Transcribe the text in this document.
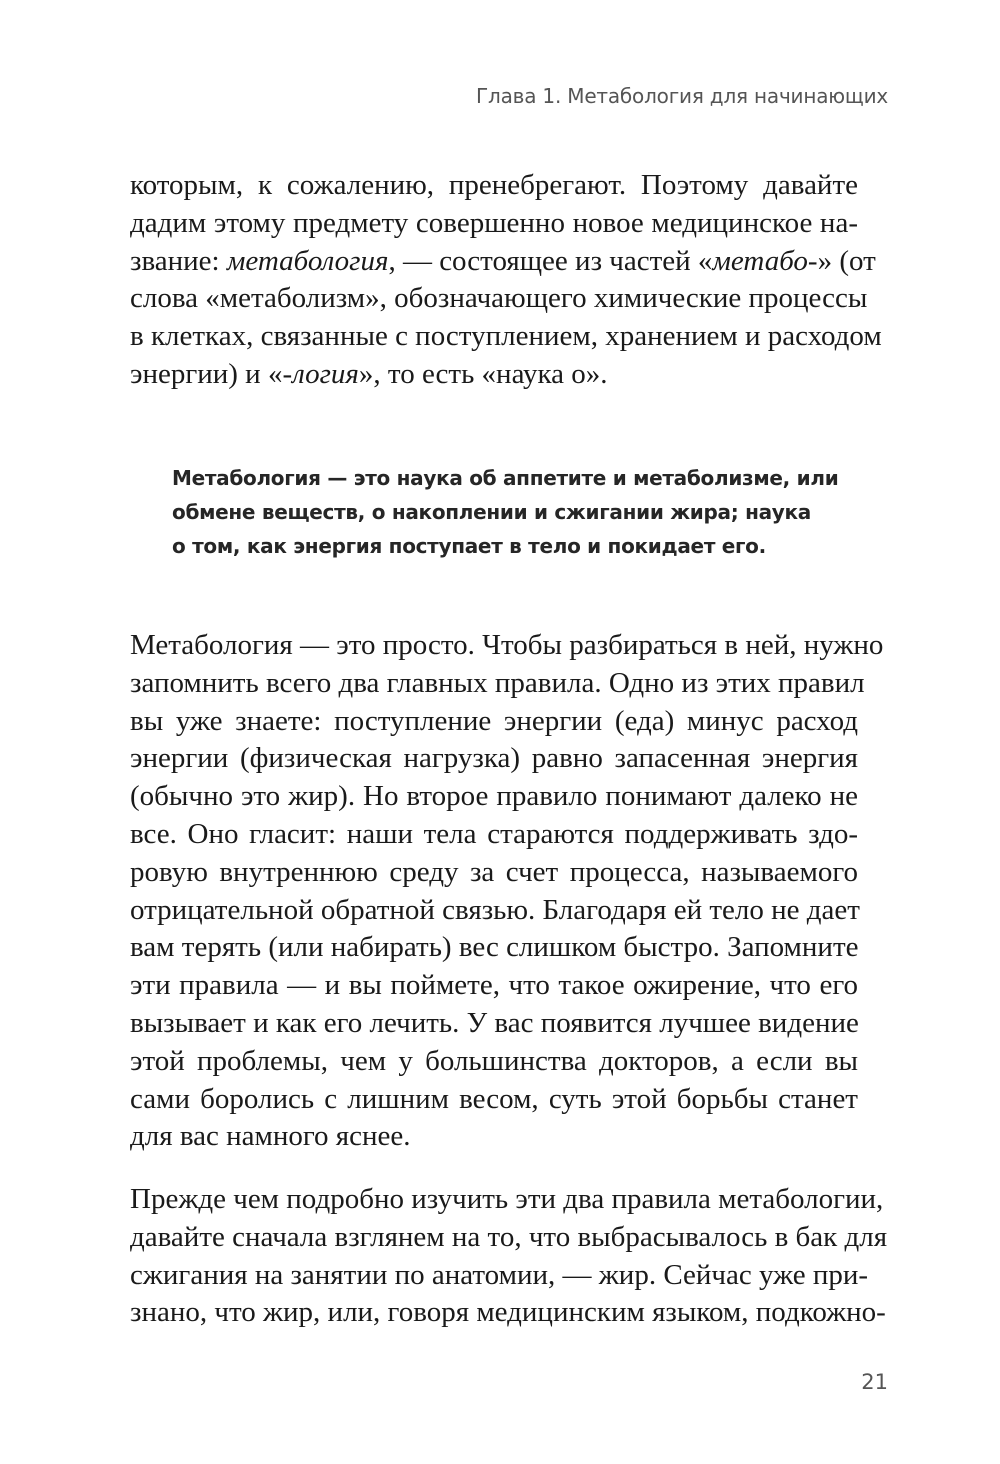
Глава 1. Метабология для начинающих
которым, к сожалению, пренебрегают. Поэтому давайте
дадим этому предмету совершенно новое медицинское на-
звание: метабология, — состоящее из частей «метабо-» (от
слова «метаболизм», обозначающего химические процессы
в клетках, связанные с поступлением, хранением и расходом
энергии) и «-логия», то есть «наука о».
Метабология — это наука об аппетите и метаболизме, или
обмене веществ, о накоплении и сжигании жира; наука
о том, как энергия поступает в тело и покидает его.
Метабология — это просто. Чтобы разбираться в ней, нужно
запомнить всего два главных правила. Одно из этих правил
вы уже знаете: поступление энергии (еда) минус расход
энергии (физическая нагрузка) равно запасенная энергия
(обычно это жир). Но второе правило понимают далеко не
все. Оно гласит: наши тела стараются поддерживать здо-
ровую внутреннюю среду за счет процесса, называемого
отрицательной обратной связью. Благодаря ей тело не дает
вам терять (или набирать) вес слишком быстро. Запомните
эти правила — и вы поймете, что такое ожирение, что его
вызывает и как его лечить. У вас появится лучшее видение
этой проблемы, чем у большинства докторов, а если вы
сами боролись с лишним весом, суть этой борьбы станет
для вас намного яснее.
Прежде чем подробно изучить эти два правила метабологии,
давайте сначала взглянем на то, что выбрасывалось в бак для
сжигания на занятии по анатомии, — жир. Сейчас уже при-
знано, что жир, или, говоря медицинским языком, подкожно-
21
